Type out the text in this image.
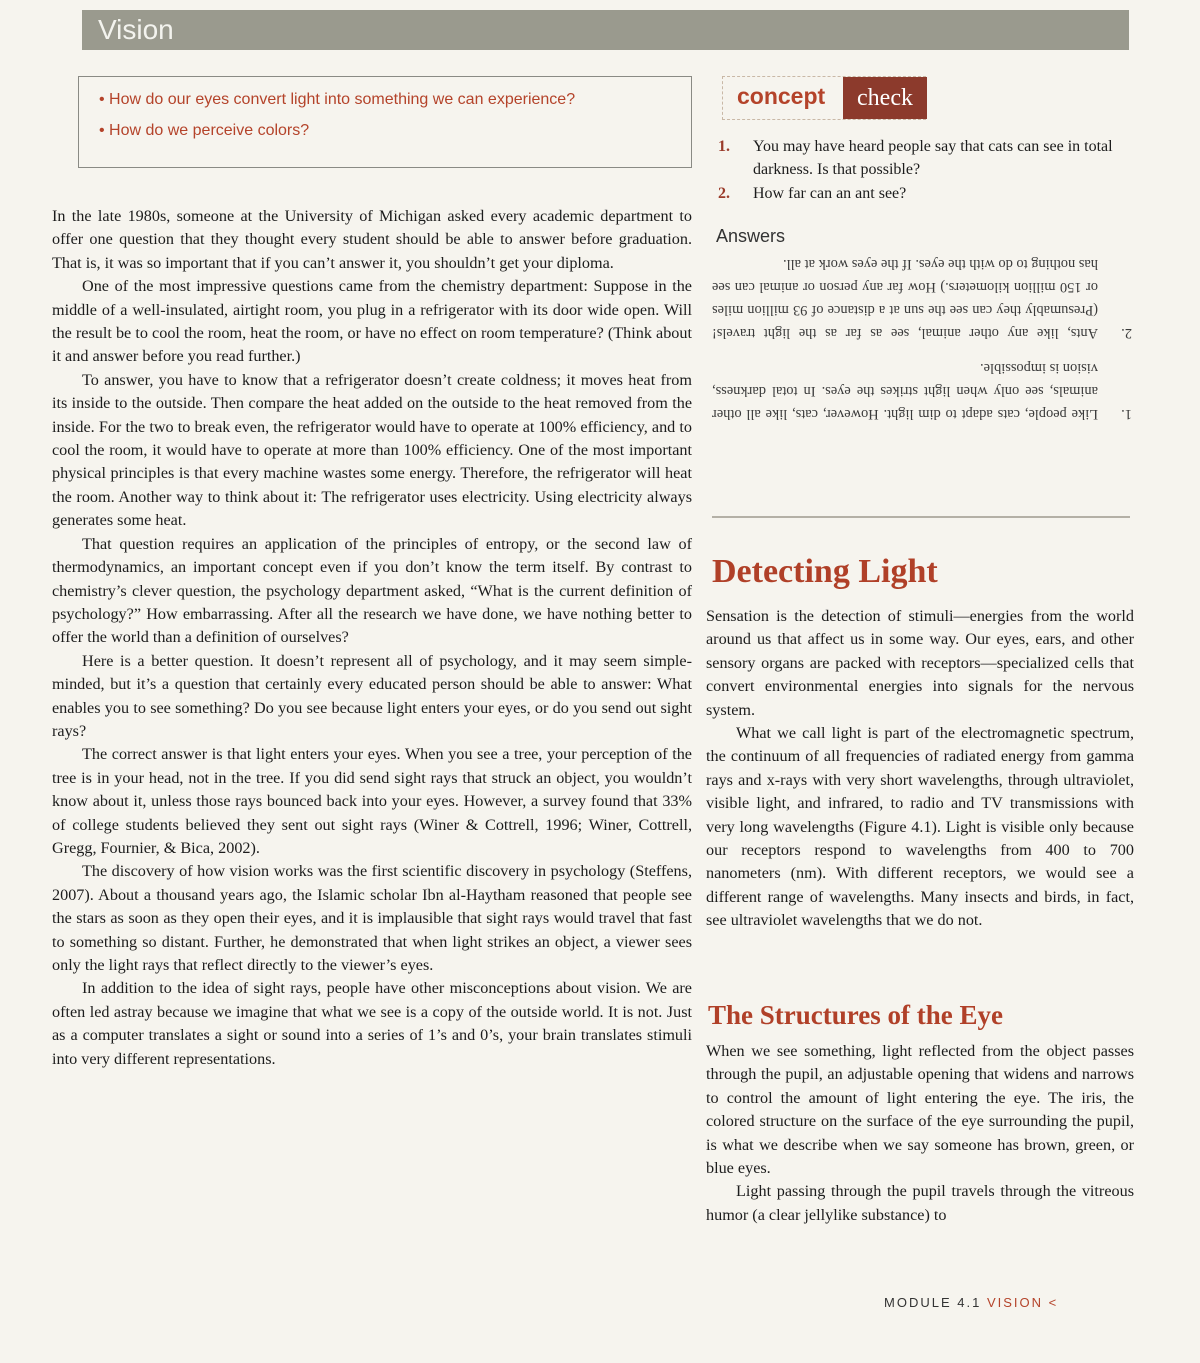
Vision
• How do our eyes convert light into something we can experience?
• How do we perceive colors?

In the late 1980s, someone at the University of Michigan asked every academic department to offer one question that they thought every student should be able to answer before graduation. That is, it was so important that if you can’t answer it, you shouldn’t get your diploma.

One of the most impressive questions came from the chemistry department: Suppose in the middle of a well-insulated, airtight room, you plug in a refrigerator with its door wide open. Will the result be to cool the room, heat the room, or have no effect on room temperature? (Think about it and answer before you read further.)

To answer, you have to know that a refrigerator doesn’t create coldness; it moves heat from its inside to the outside. Then compare the heat added on the outside to the heat removed from the inside. For the two to break even, the refrigerator would have to operate at 100% efficiency, and to cool the room, it would have to operate at more than 100% efficiency. One of the most important physical principles is that every machine wastes some energy. Therefore, the refrigerator will heat the room. Another way to think about it: The refrigerator uses electricity. Using electricity always generates some heat.

That question requires an application of the principles of entropy, or the second law of thermodynamics, an important concept even if you don’t know the term itself. By contrast to chemistry’s clever question, the psychology department asked, “What is the current definition of psychology?” How embarrassing. After all the research we have done, we have nothing better to offer the world than a definition of ourselves?

Here is a better question. It doesn’t represent all of psychology, and it may seem simple-minded, but it’s a question that certainly every educated person should be able to answer: What enables you to see something? Do you see because light enters your eyes, or do you send out sight rays?

The correct answer is that light enters your eyes. When you see a tree, your perception of the tree is in your head, not in the tree. If you did send sight rays that struck an object, you wouldn’t know about it, unless those rays bounced back into your eyes. However, a survey found that 33% of college students believed they sent out sight rays (Winer & Cottrell, 1996; Winer, Cottrell, Gregg, Fournier, & Bica, 2002).

The discovery of how vision works was the first scientific discovery in psychology (Steffens, 2007). About a thousand years ago, the Islamic scholar Ibn al-Haytham reasoned that people see the stars as soon as they open their eyes, and it is implausible that sight rays would travel that fast to something so distant. Further, he demonstrated that when light strikes an object, a viewer sees only the light rays that reflect directly to the viewer’s eyes.

In addition to the idea of sight rays, people have other misconceptions about vision. We are often led astray because we imagine that what we see is a copy of the outside world. It is not. Just as a computer translates a sight or sound into a series of 1’s and 0’s, your brain translates stimuli into very different representations.

concept	check
1.	You may have heard people say that cats can see in total darkness. Is that possible?
2.	How far can an ant see?
Answers
1.
Like people, cats adapt to dim light. However, cats, like all other animals, see only when light strikes the eyes. In total darkness, vision is impossible.
2.
Ants, like any other animal, see as far as the light travels! (Presumably they can see the sun at a distance of 93 million miles or 150 million kilometers.) How far any person or animal can see has nothing to do with the eyes. If the eyes work at all.
Detecting Light

Sensation is the detection of stimuli—energies from the world around us that affect us in some way. Our eyes, ears, and other sensory organs are packed with receptors—specialized cells that convert environmental energies into signals for the nervous system.

What we call light is part of the electromagnetic spectrum, the continuum of all frequencies of radiated energy from gamma rays and x-rays with very short wavelengths, through ultraviolet, visible light, and infrared, to radio and TV transmissions with very long wavelengths (Figure 4.1). Light is visible only because our receptors respond to wavelengths from 400 to 700 nanometers (nm). With different receptors, we would see a different range of wavelengths. Many insects and birds, in fact, see ultraviolet wavelengths that we do not.

The Structures of the Eye

When we see something, light reflected from the object passes through the pupil, an adjustable opening that widens and narrows to control the amount of light entering the eye. The iris, the colored structure on the surface of the eye surrounding the pupil, is what we describe when we say someone has brown, green, or blue eyes.

Light passing through the pupil travels through the vitreous humor (a clear jellylike substance) to

MODULE 4.1 VISION <
